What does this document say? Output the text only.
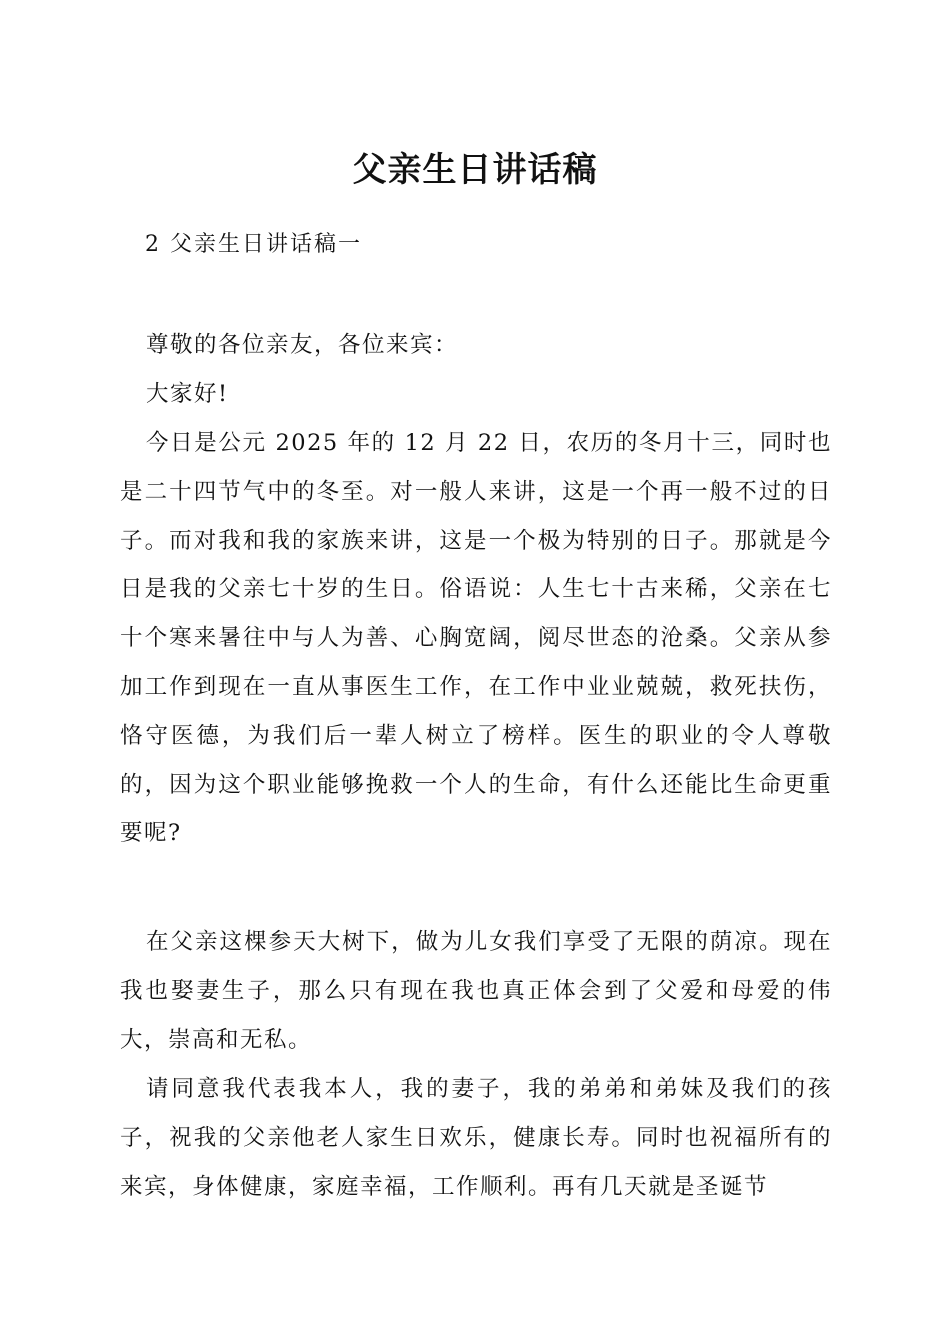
父亲生日讲话稿

2 父亲生日讲话稿一

尊敬的各位亲友，各位来宾：

大家好!

今日是公元 2025 年的 12 月 22 日，农历的冬月十三，同时也是二十四节气中的冬至。对一般人来讲，这是一个再一般不过的日子。而对我和我的家族来讲，这是一个极为特别的日子。那就是今日是我的父亲七十岁的生日。俗语说：人生七十古来稀，父亲在七十个寒来暑往中与人为善、心胸宽阔，阅尽世态的沧桑。父亲从参加工作到现在一直从事医生工作，在工作中业业兢兢，救死扶伤，恪守医德，为我们后一辈人树立了榜样。医生的职业的令人尊敬的，因为这个职业能够挽救一个人的生命，有什么还能比生命更重要呢?

在父亲这棵参天大树下，做为儿女我们享受了无限的荫凉。现在我也娶妻生子，那么只有现在我也真正体会到了父爱和母爱的伟大，崇高和无私。

请同意我代表我本人，我的妻子，我的弟弟和弟妹及我们的孩子，祝我的父亲他老人家生日欢乐，健康长寿。同时也祝福所有的来宾，身体健康，家庭幸福，工作顺利。再有几天就是圣诞节
